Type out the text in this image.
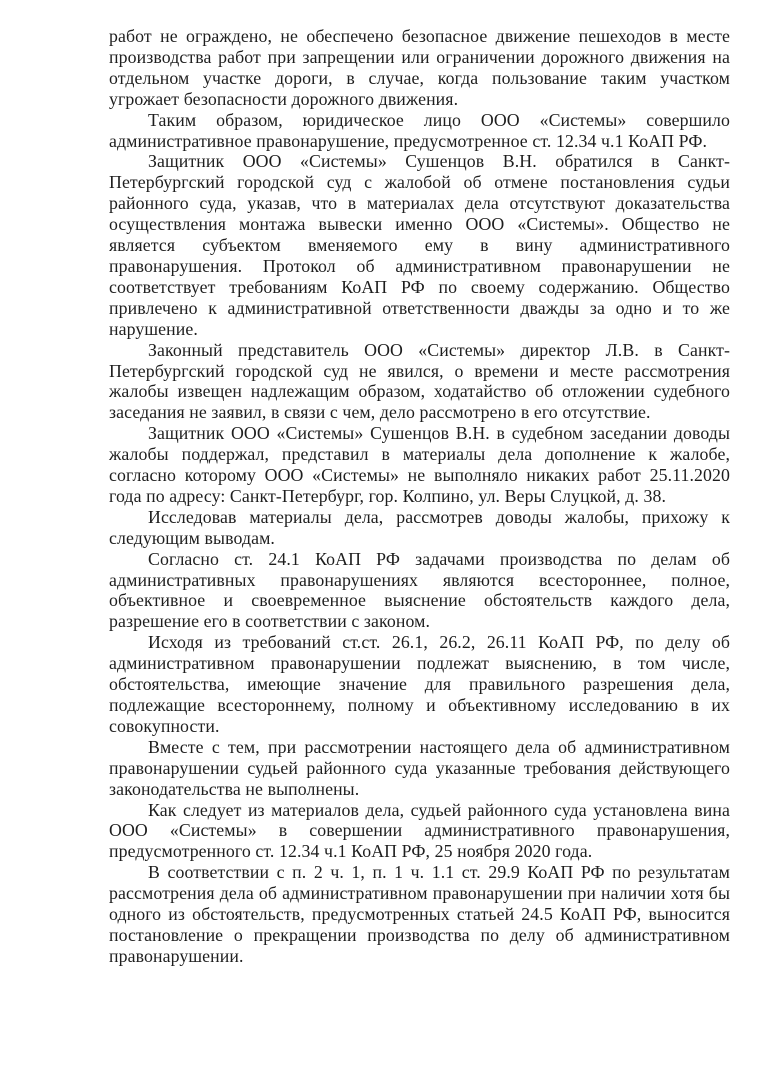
работ не ограждено, не обеспечено безопасное движение пешеходов в месте производства работ при запрещении или ограничении дорожного движения на отдельном участке дороги, в случае, когда пользование таким участком угрожает безопасности дорожного движения.

Таким образом, юридическое лицо ООО «Системы» совершило административное правонарушение, предусмотренное ст. 12.34 ч.1 КоАП РФ.

Защитник ООО «Системы» Сушенцов В.Н. обратился в Санкт-Петербургский городской суд с жалобой об отмене постановления судьи районного суда, указав, что в материалах дела отсутствуют доказательства осуществления монтажа вывески именно ООО «Системы». Общество не является субъектом вменяемого ему в вину административного правонарушения. Протокол об административном правонарушении не соответствует требованиям КоАП РФ по своему содержанию. Общество привлечено к административной ответственности дважды за одно и то же нарушение.

Законный представитель ООО «Системы» директор Л.В. в Санкт-Петербургский городской суд не явился, о времени и месте рассмотрения жалобы извещен надлежащим образом, ходатайство об отложении судебного заседания не заявил, в связи с чем, дело рассмотрено в его отсутствие.

Защитник ООО «Системы» Сушенцов В.Н. в судебном заседании доводы жалобы поддержал, представил в материалы дела дополнение к жалобе, согласно которому ООО «Системы» не выполняло никаких работ 25.11.2020 года по адресу: Санкт-Петербург, гор. Колпино, ул. Веры Слуцкой, д. 38.

Исследовав материалы дела, рассмотрев доводы жалобы, прихожу к следующим выводам.

Согласно ст. 24.1 КоАП РФ задачами производства по делам об административных правонарушениях являются всестороннее, полное, объективное и своевременное выяснение обстоятельств каждого дела, разрешение его в соответствии с законом.

Исходя из требований ст.ст. 26.1, 26.2, 26.11 КоАП РФ, по делу об административном правонарушении подлежат выяснению, в том числе, обстоятельства, имеющие значение для правильного разрешения дела, подлежащие всестороннему, полному и объективному исследованию в их совокупности.

Вместе с тем, при рассмотрении настоящего дела об административном правонарушении судьей районного суда указанные требования действующего законодательства не выполнены.

Как следует из материалов дела, судьей районного суда установлена вина ООО «Системы» в совершении административного правонарушения, предусмотренного ст. 12.34 ч.1 КоАП РФ, 25 ноября 2020 года.

В соответствии с п. 2 ч. 1, п. 1 ч. 1.1 ст. 29.9 КоАП РФ по результатам рассмотрения дела об административном правонарушении при наличии хотя бы одного из обстоятельств, предусмотренных статьей 24.5 КоАП РФ, выносится постановление о прекращении производства по делу об административном правонарушении.
